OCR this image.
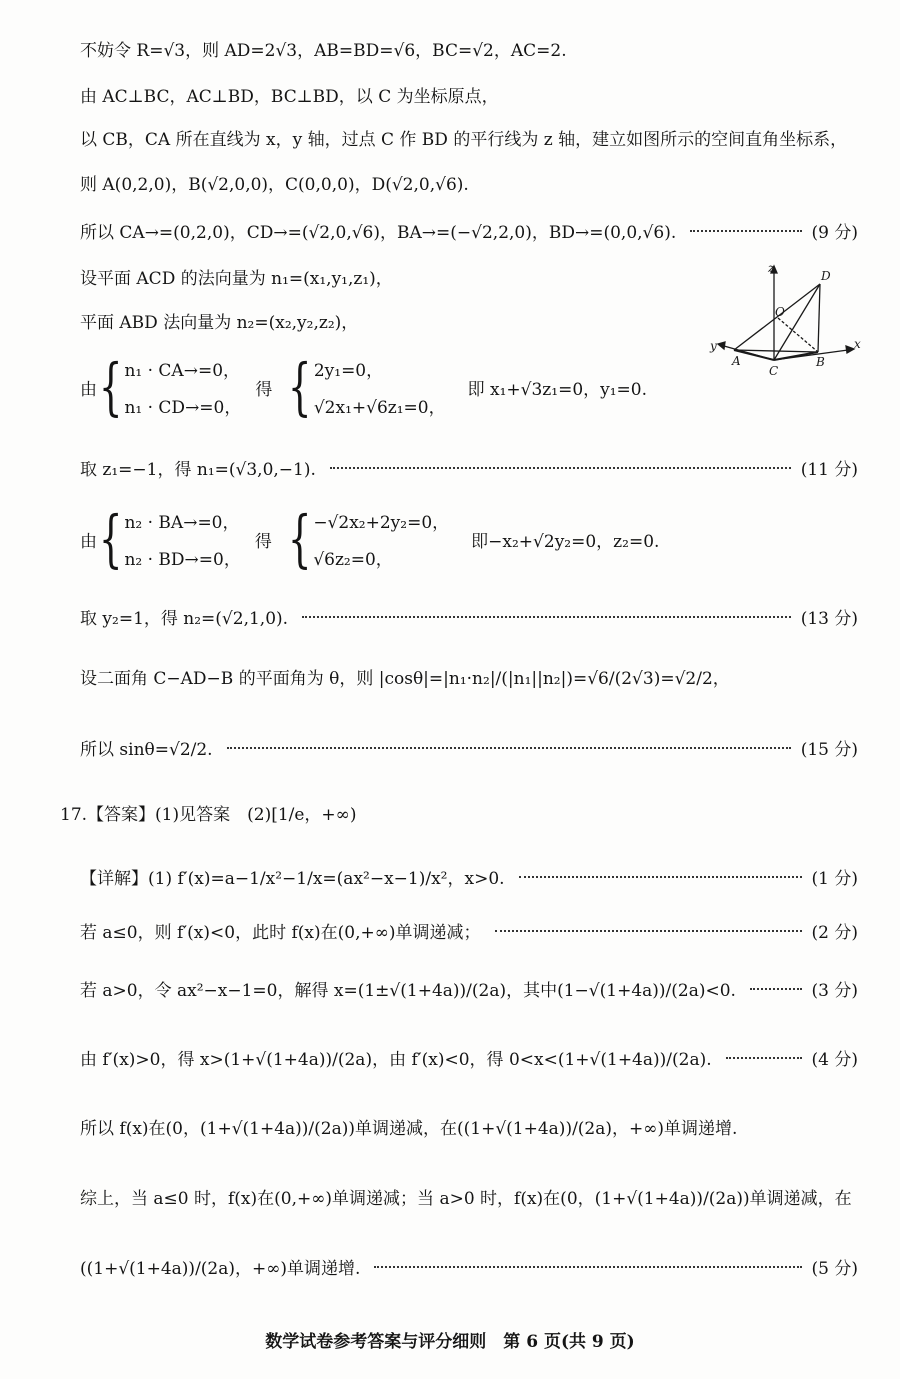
不妨令 R=√3，则 AD=2√3，AB=BD=√6，BC=√2，AC=2.
由 AC⊥BC，AC⊥BD，BC⊥BD，以 C 为坐标原点，
以 CB，CA 所在直线为 x，y 轴，过点 C 作 BD 的平行线为 z 轴，建立如图所示的空间直角坐标系，
则 A(0,2,0)，B(√2,0,0)，C(0,0,0)，D(√2,0,√6).
所以 CA→=(0,2,0)，CD→=(√2,0,√6)，BA→=(−√2,2,0)，BD→=(0,0,√6).	(9 分)
设平面 ACD 的法向量为 n₁=(x₁,y₁,z₁)，
平面 ABD 法向量为 n₂=(x₂,y₂,z₂)，
由 { n₁ · CA→=0，
n₁ · CD→=0，
得 { 2y₁=0，
√2x₁+√6z₁=0，
即 x₁+√3z₁=0，y₁=0.
取 z₁=−1，得 n₁=(√3,0,−1).	(11 分)
由 { n₂ · BA→=0，
n₂ · BD→=0，
得 { −√2x₂+2y₂=0，
√6z₂=0，
即−x₂+√2y₂=0，z₂=0.
取 y₂=1，得 n₂=(√2,1,0).	(13 分)
设二面角 C−AD−B 的平面角为 θ，则 |cosθ|=|n₁·n₂|/(|n₁||n₂|)=√6/(2√3)=√2/2，
所以 sinθ=√2/2.	(15 分)
17.【答案】(1)见答案　(2)[1/e，+∞)
【详解】(1) f′(x)=a−1/x²−1/x=(ax²−x−1)/x²，x>0.	(1 分)
若 a≤0，则 f′(x)<0，此时 f(x)在(0,+∞)单调递减；	(2 分)
若 a>0，令 ax²−x−1=0，解得 x=(1±√(1+4a))/(2a)，其中(1−√(1+4a))/(2a)<0.	(3 分)
由 f′(x)>0，得 x>(1+√(1+4a))/(2a)，由 f′(x)<0，得 0<x<(1+√(1+4a))/(2a).	(4 分)
所以 f(x)在(0，(1+√(1+4a))/(2a))单调递减，在((1+√(1+4a))/(2a)，+∞)单调递增.
综上，当 a≤0 时，f(x)在(0,+∞)单调递减；当 a>0 时，f(x)在(0，(1+√(1+4a))/(2a))单调递减，在
((1+√(1+4a))/(2a)，+∞)单调递增.	(5 分)
z
x
y
D
O
A
C
B
数学试卷参考答案与评分细则　第 6 页(共 9 页)
